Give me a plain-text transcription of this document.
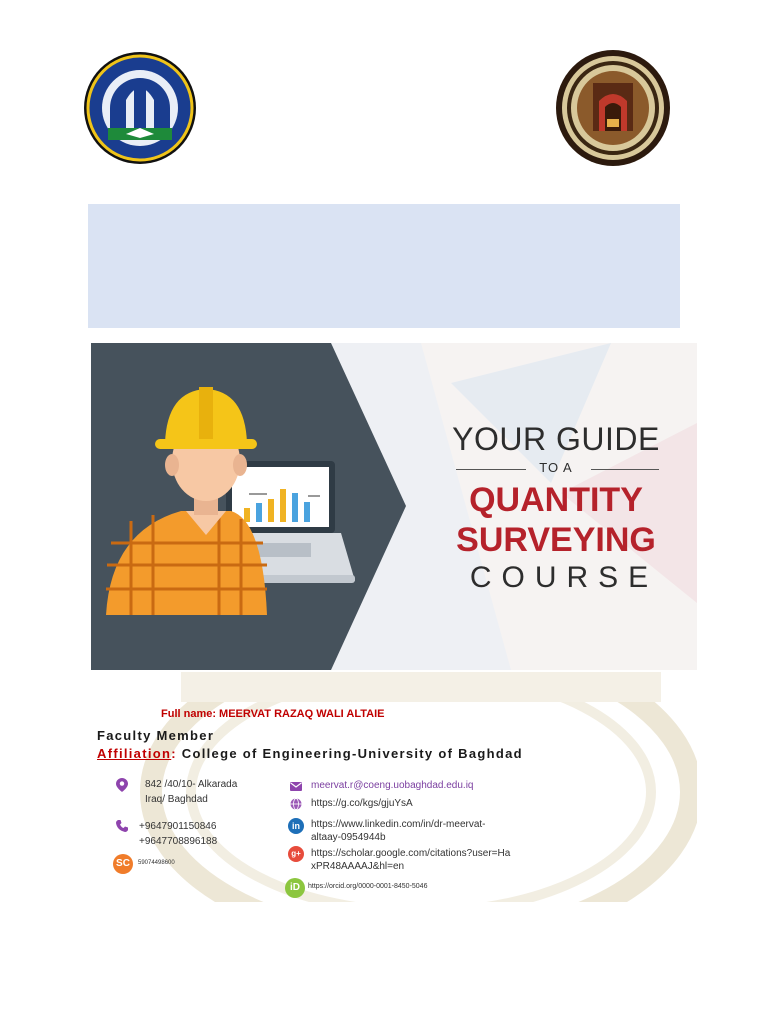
YOUR GUIDE
TO A
QUANTITY
SURVEYING
COURSE
Full name: MEERVAT RAZAQ WALI ALTAIE
Faculty Member
Affiliation: College of Engineering-University of Baghdad
842 /40/10- Alkarada
Iraq/ Baghdad
+9647901150846
+9647708896188
SC	59074498600
meervat.r@coeng.uobaghdad.edu.iq
https://g.co/kgs/gjuYsA
in	https://www.linkedin.com/in/dr-meervat-
altaay-0954944b
g+	https://scholar.google.com/citations?user=Ha
xPR48AAAAJ&hl=en
iD	https://orcid.org/0000-0001-8450-5046
